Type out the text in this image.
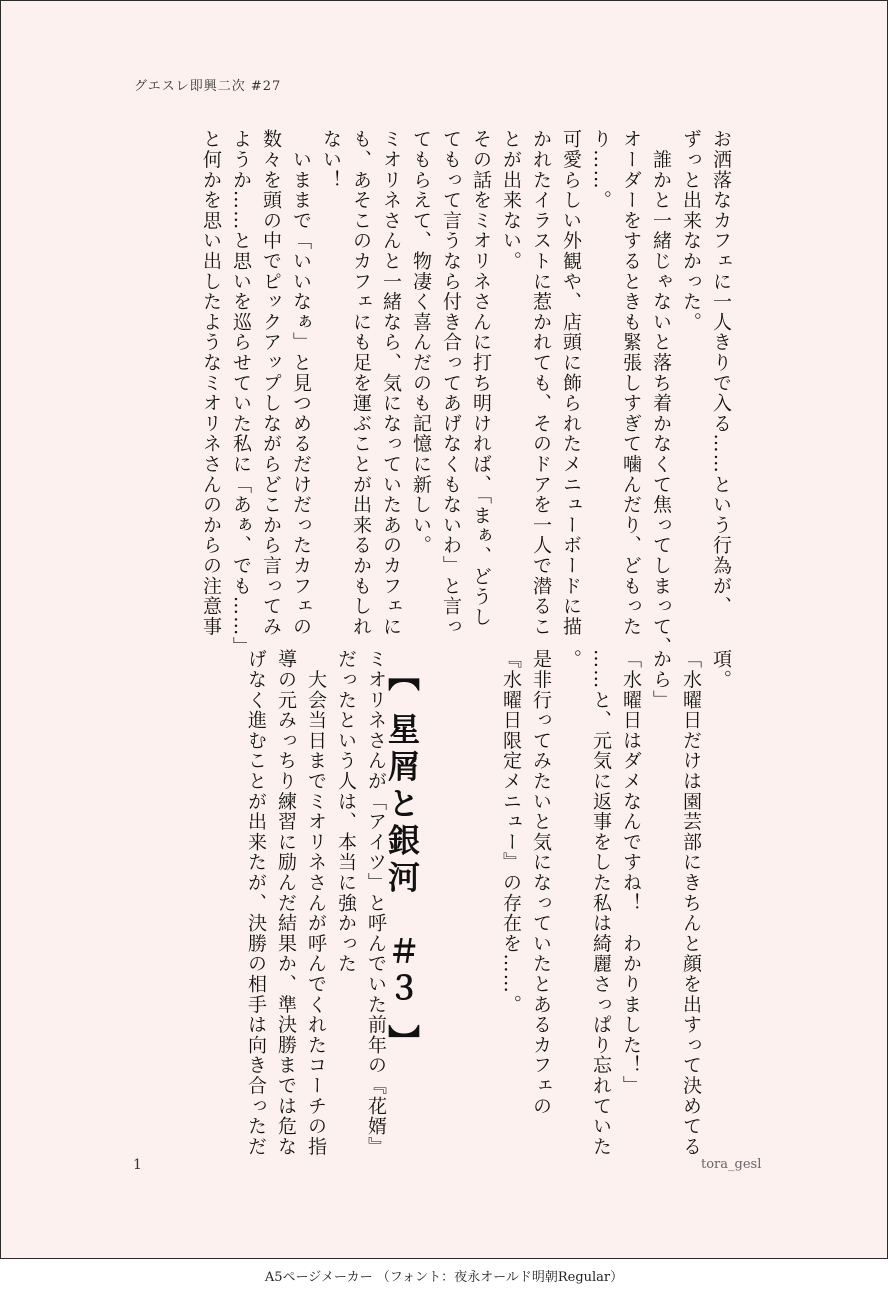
グエスレ即興二次 #27
お洒落なカフェに一人きりで入る……という行為が、
ずっと出来なかった。
　誰かと一緒じゃないと落ち着かなくて焦ってしまって、
オーダーをするときも緊張しすぎて噛んだり、どもった
り……。
可愛らしい外観や、店頭に飾られたメニューボードに描
かれたイラストに惹かれても、そのドアを一人で潜るこ
とが出来ない。
その話をミオリネさんに打ち明ければ、「まぁ、どうし
てもって言うなら付き合ってあげなくもないわ」と言っ
てもらえて、物凄く喜んだのも記憶に新しい。
ミオリネさんと一緒なら、気になっていたあのカフェに
も、あそこのカフェにも足を運ぶことが出来るかもしれ
ない！
　いままで「いいなぁ」と見つめるだけだったカフェの
数々を頭の中でピックアップしながらどこから言ってみ
ようか……と思いを巡らせていた私に「あぁ、でも……」
と何かを思い出したようなミオリネさんのからの注意事
項。
「水曜日だけは園芸部にきちんと顔を出すって決めてる
から」
「水曜日はダメなんですね！　わかりました！」
……と、元気に返事をした私は綺麗さっぱり忘れていた
。
是非行ってみたいと気になっていたとあるカフェの
『水曜日限定メニュー』の存在を……。
【 星屑と銀河　＃３ 】
ミオリネさんが「アイツ」と呼んでいた前年の『花婿』
だったという人は、本当に強かった
　大会当日までミオリネさんが呼んでくれたコーチの指
導の元みっちり練習に励んだ結果か、準決勝までは危な
げなく進むことが出来たが、決勝の相手は向き合っただ
1	tora_gesl
A5ページメーカー （フォント：夜永オールド明朝Regular）
